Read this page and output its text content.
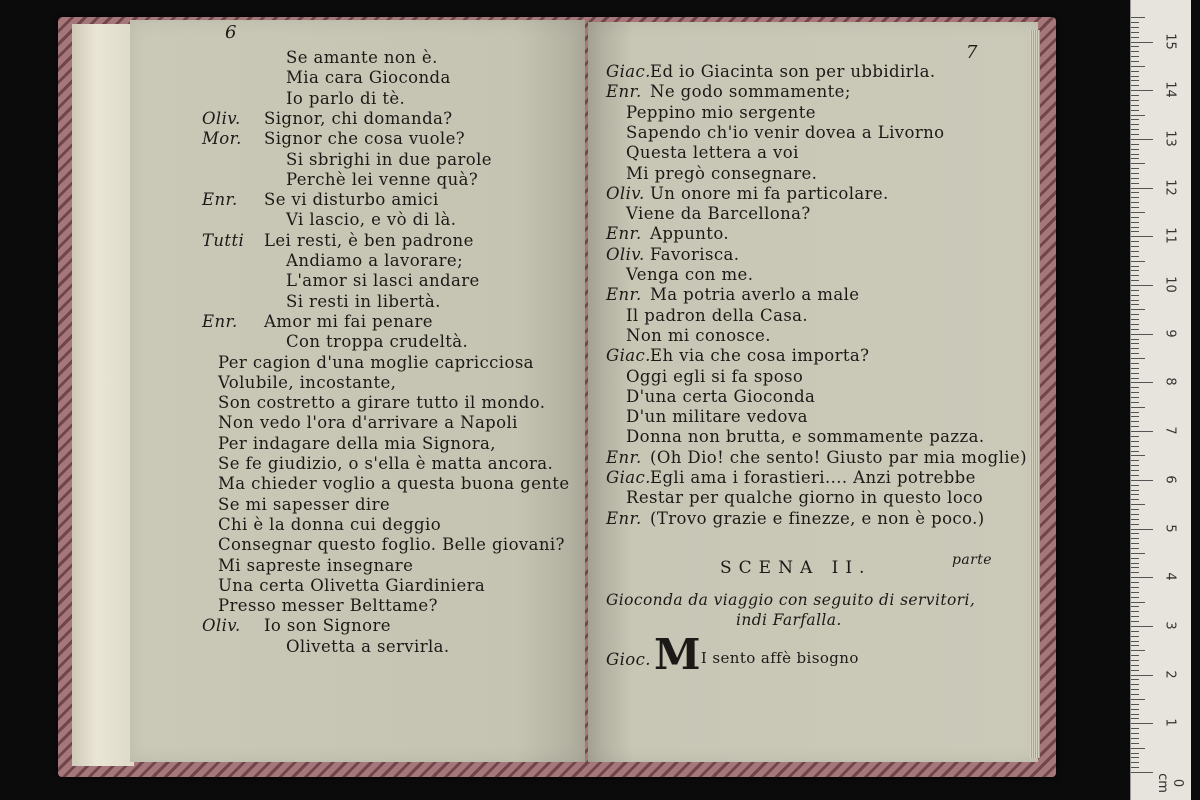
6
Se amante non è.
Mia cara Gioconda
Io parlo di tè.
Oliv. Signor, chi domanda?
Mor. Signor che cosa vuole?
Si sbrighi in due parole
Perchè lei venne quà?
Enr. Se vi disturbo amici
Vi lascio, e vò di là.
Tutti Lei resti, è ben padrone
Andiamo a lavorare;
L'amor si lasci andare
Si resti in libertà.
Enr. Amor mi fai penare
Con troppa crudeltà.
Per cagion d'una moglie capricciosa
Volubile, incostante,
Son costretto a girare tutto il mondo.
Non vedo l'ora d'arrivare a Napoli
Per indagare della mia Signora,
Se fe giudizio, o s'ella è matta ancora.
Ma chieder voglio a questa buona gente
Se mi sapesser dire
Chi è la donna cui deggio
Consegnar questo foglio. Belle giovani?
Mi sapreste insegnare
Una certa Olivetta Giardiniera
Presso messer Belttame?
Oliv. Io son Signore
Olivetta a servirla.
7
Giac. Ed io Giacinta son per ubbidirla.
Enr. Ne godo sommamente;
Peppino mio sergente
Sapendo ch'io venir dovea a Livorno
Questa lettera a voi
Mi pregò consegnare.
Oliv. Un onore mi fa particolare.
Viene da Barcellona?
Enr. Appunto.
Oliv. Favorisca.
Venga con me.
Enr. Ma potria averlo a male
Il padron della Casa.
Non mi conosce.
Giac. Eh via che cosa importa?
Oggi egli si fa sposo
D'una certa Gioconda
D'un militare vedova
Donna non brutta, e sommamente pazza.
Enr. (Oh Dio! che sento! Giusto par mia moglie)
Giac. Egli ama i forastieri.... Anzi potrebbe
Restar per qualche giorno in questo loco
Enr. (Trovo grazie e finezze, e non è poco.)
parte
SCENA II.
Gioconda da viaggio con seguito di servitori,
indi Farfalla.
Gioc. MI sento affè bisogno
0 cm
1
2
3
4
5
6
7
8
9
10
11
12
13
14
15
